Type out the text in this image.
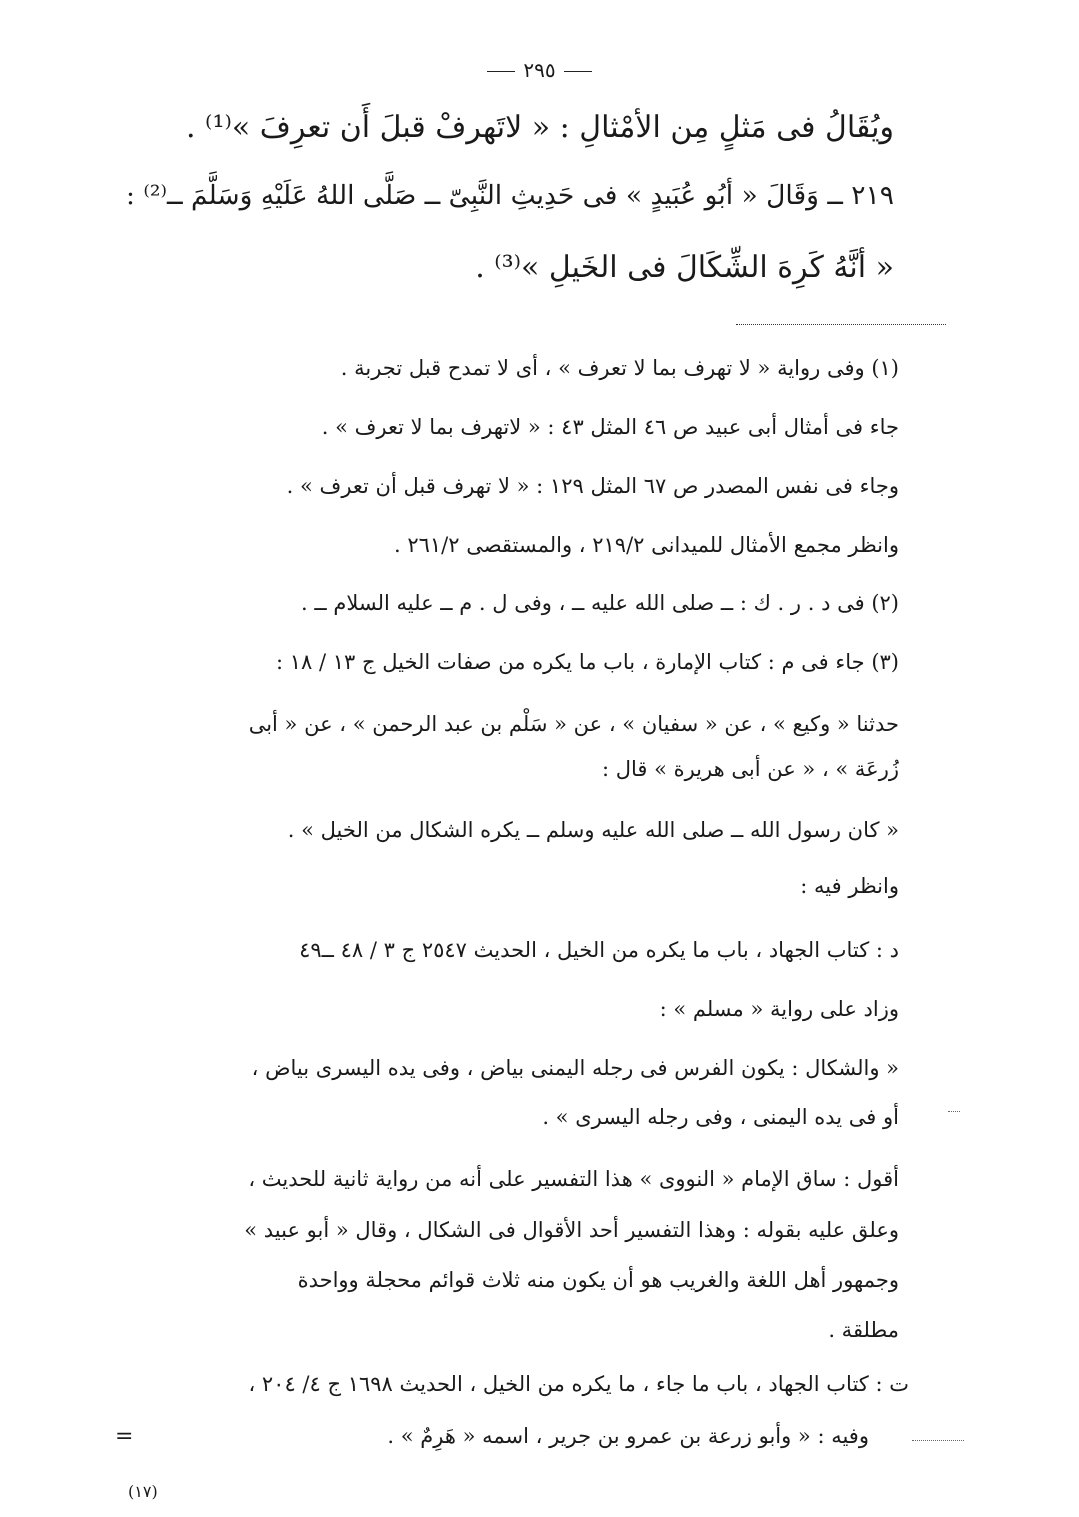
٢٩٥
ويُقَالُ فى مَثلٍ مِن الأمْثالِ : « لاتَهرفْ قبلَ أَن تعرِفَ »⁽¹⁾ .
٢١٩ ــ وَقَالَ « أبُو عُبَيدٍ » فى حَدِيثِ النَّبِىّ ــ صَلَّى اللهُ عَلَيْهِ وَسَلَّمَ ــ⁽²⁾ :
« أنَّهُ كَرِهَ الشِّكَالَ فى الخَيلِ »⁽³⁾ .
(١) وفى رواية « لا تهرف بما لا تعرف » ، أى لا تمدح قبل تجربة .
جاء فى أمثال أبى عبيد ص ٤٦ المثل ٤٣ : « لاتهرف بما لا تعرف » .
وجاء فى نفس المصدر ص ٦٧ المثل ١٢٩ : « لا تهرف قبل أن تعرف » .
وانظر مجمع الأمثال للميدانى ٢١٩/٢ ، والمستقصى ٢٦١/٢ .
(٢) فى د . ر . ك : ــ صلى الله عليه ــ ، وفى ل . م ــ عليه السلام ــ .
(٣) جاء فى م : كتاب الإمارة ، باب ما يكره من صفات الخيل ج ١٣ / ١٨ :
حدثنا « وكيع » ، عن « سفيان » ، عن « سَلْم بن عبد الرحمن » ، عن « أبى
زُرعَة » ، « عن أبى هريرة » قال :
« كان رسول الله ــ صلى الله عليه وسلم ــ يكره الشكال من الخيل » .
وانظر فيه :
د : كتاب الجهاد ، باب ما يكره من الخيل ، الحديث ٢٥٤٧ ج ٣ / ٤٨ ــ٤٩
وزاد على رواية « مسلم » :
« والشكال : يكون الفرس فى رجله اليمنى بياض ، وفى يده اليسرى بياض ،
أو فى يده اليمنى ، وفى رجله اليسرى » .
أقول : ساق الإمام « النووى » هذا التفسير على أنه من رواية ثانية للحديث ،
وعلق عليه بقوله : وهذا التفسير أحد الأقوال فى الشكال ، وقال « أبو عبيد »
وجمهور أهل اللغة والغريب هو أن يكون منه ثلاث قوائم محجلة وواحدة
مطلقة .
ت : كتاب الجهاد ، باب ما جاء ، ما يكره من الخيل ، الحديث ١٦٩٨ ج ٤/ ٢٠٤ ،
وفيه : « وأبو زرعة بن عمرو بن جرير ، اسمه « هَرِمٌ » .
=
(١٧)
